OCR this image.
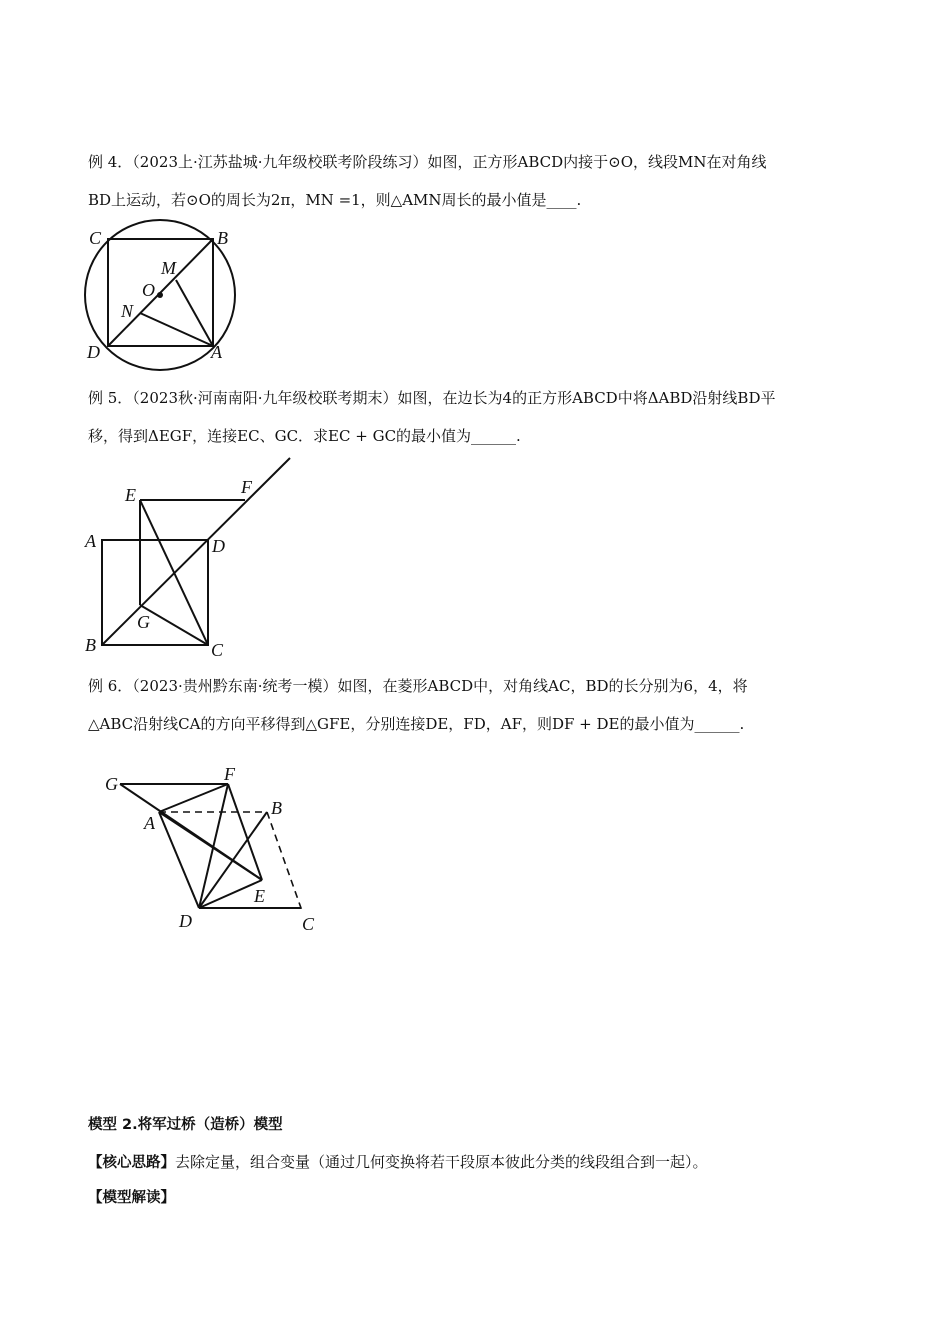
例 4．（2023上·江苏盐城·九年级校联考阶段练习）如图，正方形ABCD内接于⊙O，线段MN在对角线
BD上运动，若⊙O的周长为2π，MN =1，则△AMN周长的最小值是____.
C	B
M
O
N
D	A
例 5．（2023秋·河南南阳·九年级校联考期末）如图，在边长为4的正方形ABCD中将ΔABD沿射线BD平
移，得到ΔEGF，连接EC、GC．求EC + GC的最小值为______.
E	F
A	D
G
B	C
例 6．（2023·贵州黔东南·统考一模）如图，在菱形ABCD中，对角线AC，BD的长分别为6，4，将
△ABC沿射线CA的方向平移得到△GFE，分别连接DE，FD，AF，则DF + DE的最小值为______.
G	F
B
A
E
D	C
模型 2.将军过桥（造桥）模型
【核心思路】去除定量，组合变量（通过几何变换将若干段原本彼此分类的线段组合到一起）。
【模型解读】
